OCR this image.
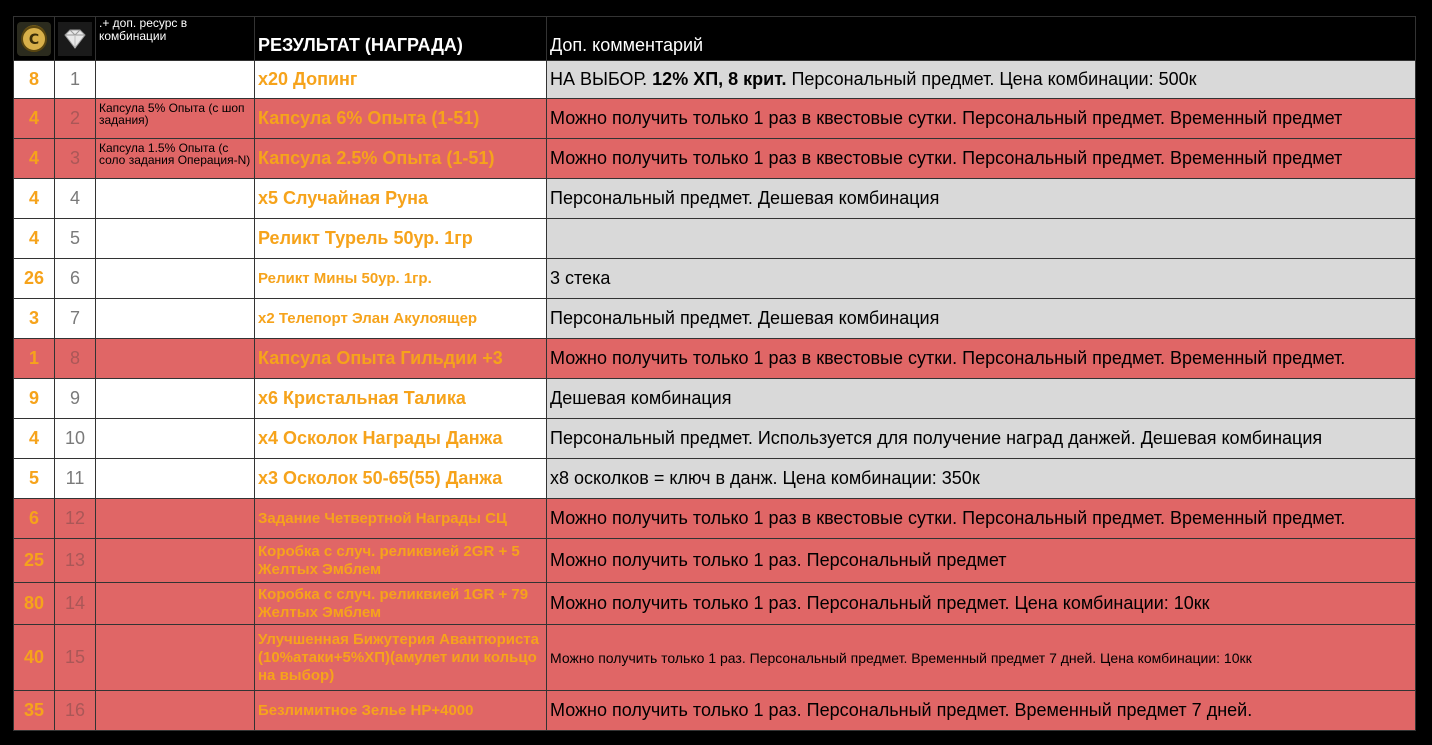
С		.+ доп. ресурс в комбинации	РЕЗУЛЬТАТ (НАГРАДА)	Доп. комментарий
8	1		x20 Допинг	НА ВЫБОР. 12% ХП, 8 крит. Персональный предмет. Цена комбинации: 500к
4	2	Капсула 5% Опыта (с шоп задания)	Капсула 6% Опыта (1-51)	Можно получить только 1 раз в квестовые сутки. Персональный предмет. Временный предмет
4	3	Капсула 1.5% Опыта (с соло задания Операция-N)	Капсула 2.5% Опыта (1-51)	Можно получить только 1 раз в квестовые сутки. Персональный предмет. Временный предмет
4	4		x5 Случайная Руна	Персональный предмет. Дешевая комбинация
4	5		Реликт Турель 50ур. 1гр	
26	6		Реликт Мины 50ур. 1гр.	3 стека
3	7		x2 Телепорт Элан Акулоящер	Персональный предмет. Дешевая комбинация
1	8		Капсула Опыта Гильдии +3	Можно получить только 1 раз в квестовые сутки. Персональный предмет. Временный предмет.
9	9		x6 Кристальная Талика	Дешевая комбинация
4	10		x4 Осколок Награды Данжа	Персональный предмет. Используется для получение наград данжей. Дешевая комбинация
5	11		x3 Осколок 50-65(55) Данжа	x8 осколков = ключ в данж. Цена комбинации: 350к
6	12		Задание Четвертной Награды СЦ	Можно получить только 1 раз в квестовые сутки. Персональный предмет. Временный предмет.
25	13		Коробка с случ. реликвией 2GR + 5 Желтых Эмблем	Можно получить только 1 раз. Персональный предмет
80	14		Коробка с случ. реликвией 1GR + 79 Желтых Эмблем	Можно получить только 1 раз. Персональный предмет. Цена комбинации: 10кк
40	15		Улучшенная Бижутерия Авантюриста (10%атаки+5%ХП)(амулет или кольцо на выбор)	Можно получить только 1 раз. Персональный предмет. Временный предмет 7 дней. Цена комбинации: 10кк
35	16		Безлимитное Зелье HP+4000	Можно получить только 1 раз. Персональный предмет. Временный предмет 7 дней.
